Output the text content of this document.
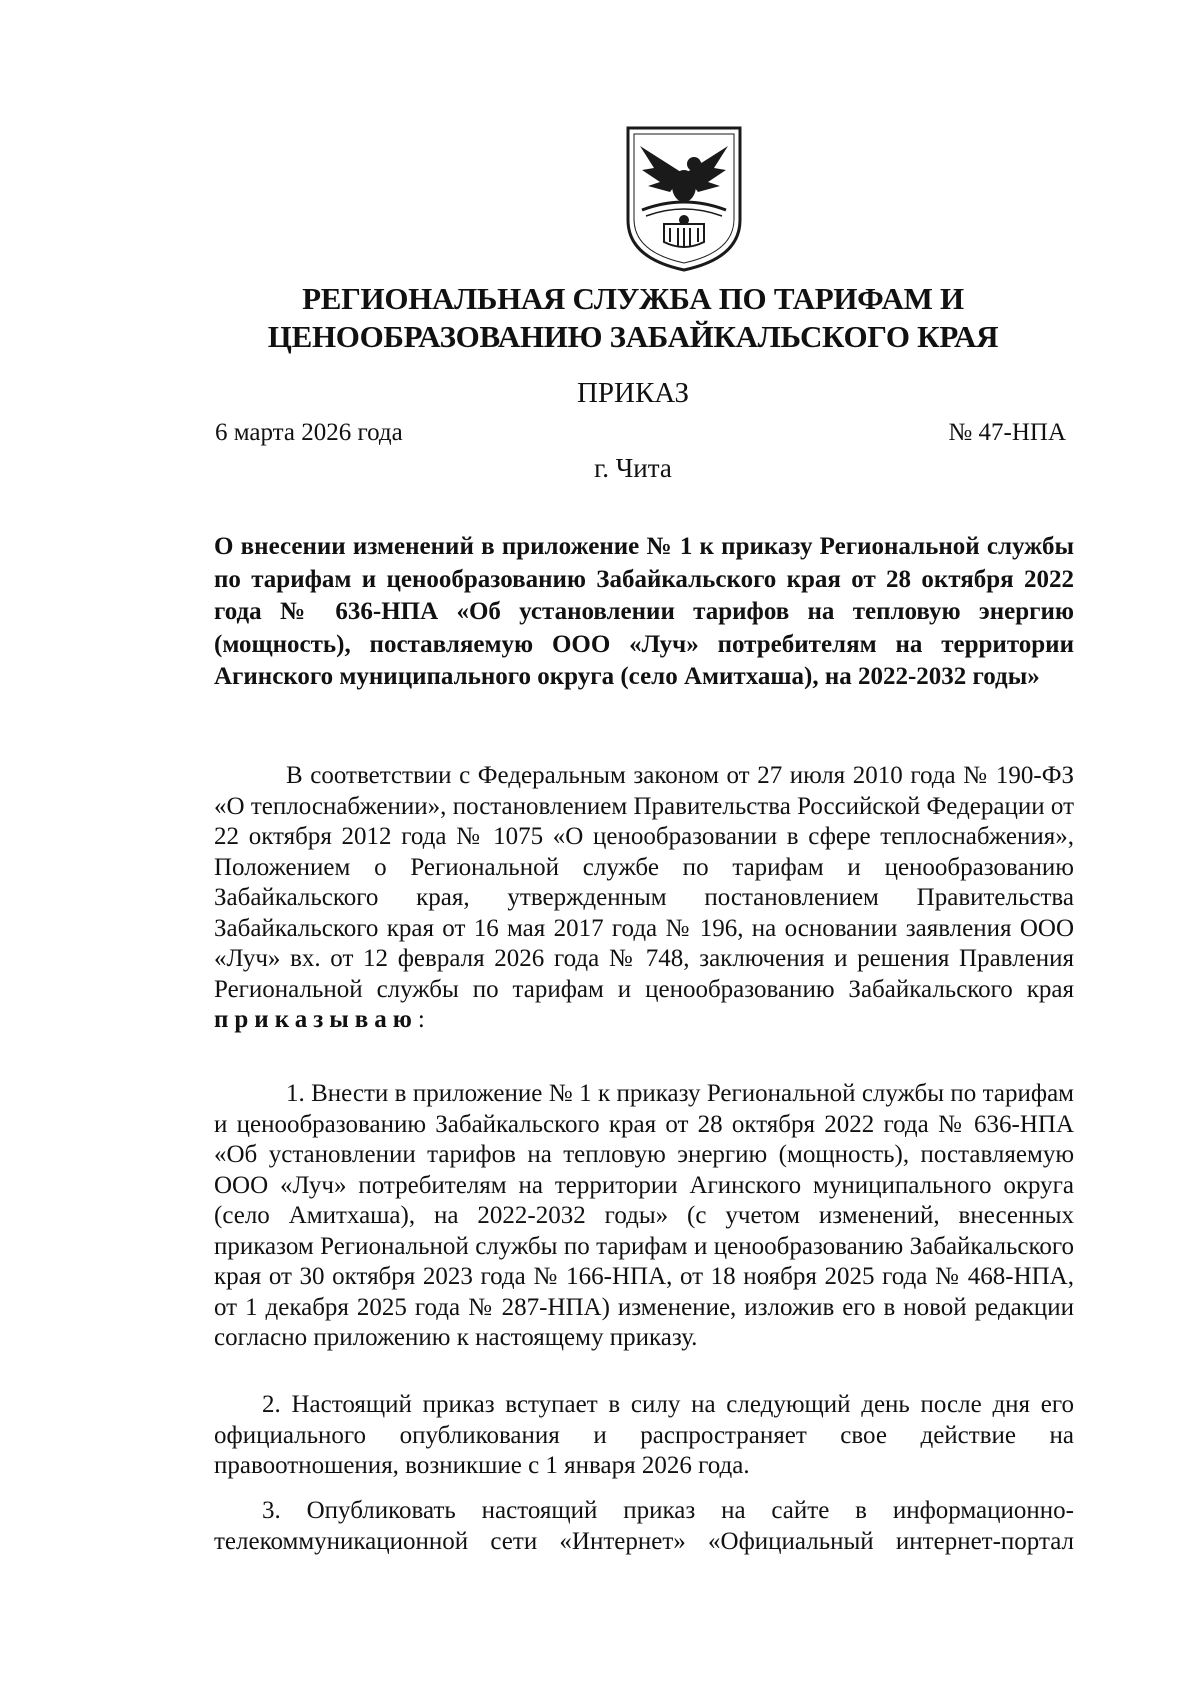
РЕГИОНАЛЬНАЯ СЛУЖБА ПО ТАРИФАМ И
ЦЕНООБРАЗОВАНИЮ ЗАБАЙКАЛЬСКОГО КРАЯ
ПРИКАЗ
6 марта 2026 года	№ 47-НПА
г. Чита
О внесении изменений в приложение № 1 к приказу Региональной службы по тарифам и ценообразованию Забайкальского края от 28 октября 2022 года № 636-НПА «Об установлении тарифов на тепловую энергию (мощность), поставляемую ООО «Луч» потребителям на территории Агинского муниципального округа (село Амитхаша), на 2022-2032 годы»
В соответствии с Федеральным законом от 27 июля 2010 года № 190-ФЗ «О теплоснабжении», постановлением Правительства Российской Федерации от 22 октября 2012 года № 1075 «О ценообразовании в сфере теплоснабжения», Положением о Региональной службе по тарифам и ценообразованию Забайкальского края, утвержденным постановлением Правительства Забайкальского края от 16 мая 2017 года № 196, на основании заявления ООО «Луч» вх. от 12 февраля 2026 года № 748, заключения и решения Правления Региональной службы по тарифам и ценообразованию Забайкальского края приказываю:
1. Внести в приложение № 1 к приказу Региональной службы по тарифам и ценообразованию Забайкальского края от 28 октября 2022 года № 636-НПА «Об установлении тарифов на тепловую энергию (мощность), поставляемую ООО «Луч» потребителям на территории Агинского муниципального округа (село Амитхаша), на 2022-2032 годы» (с учетом изменений, внесенных приказом Региональной службы по тарифам и ценообразованию Забайкальского края от 30 октября 2023 года № 166-НПА, от 18 ноября 2025 года № 468-НПА, от 1 декабря 2025 года № 287-НПА) изменение, изложив его в новой редакции согласно приложению к настоящему приказу.
2. Настоящий приказ вступает в силу на следующий день после дня его официального опубликования и распространяет свое действие на правоотношения, возникшие с 1 января 2026 года.
3. Опубликовать настоящий приказ на сайте в информационно-телекоммуникационной сети «Интернет» «Официальный интернет-портал
